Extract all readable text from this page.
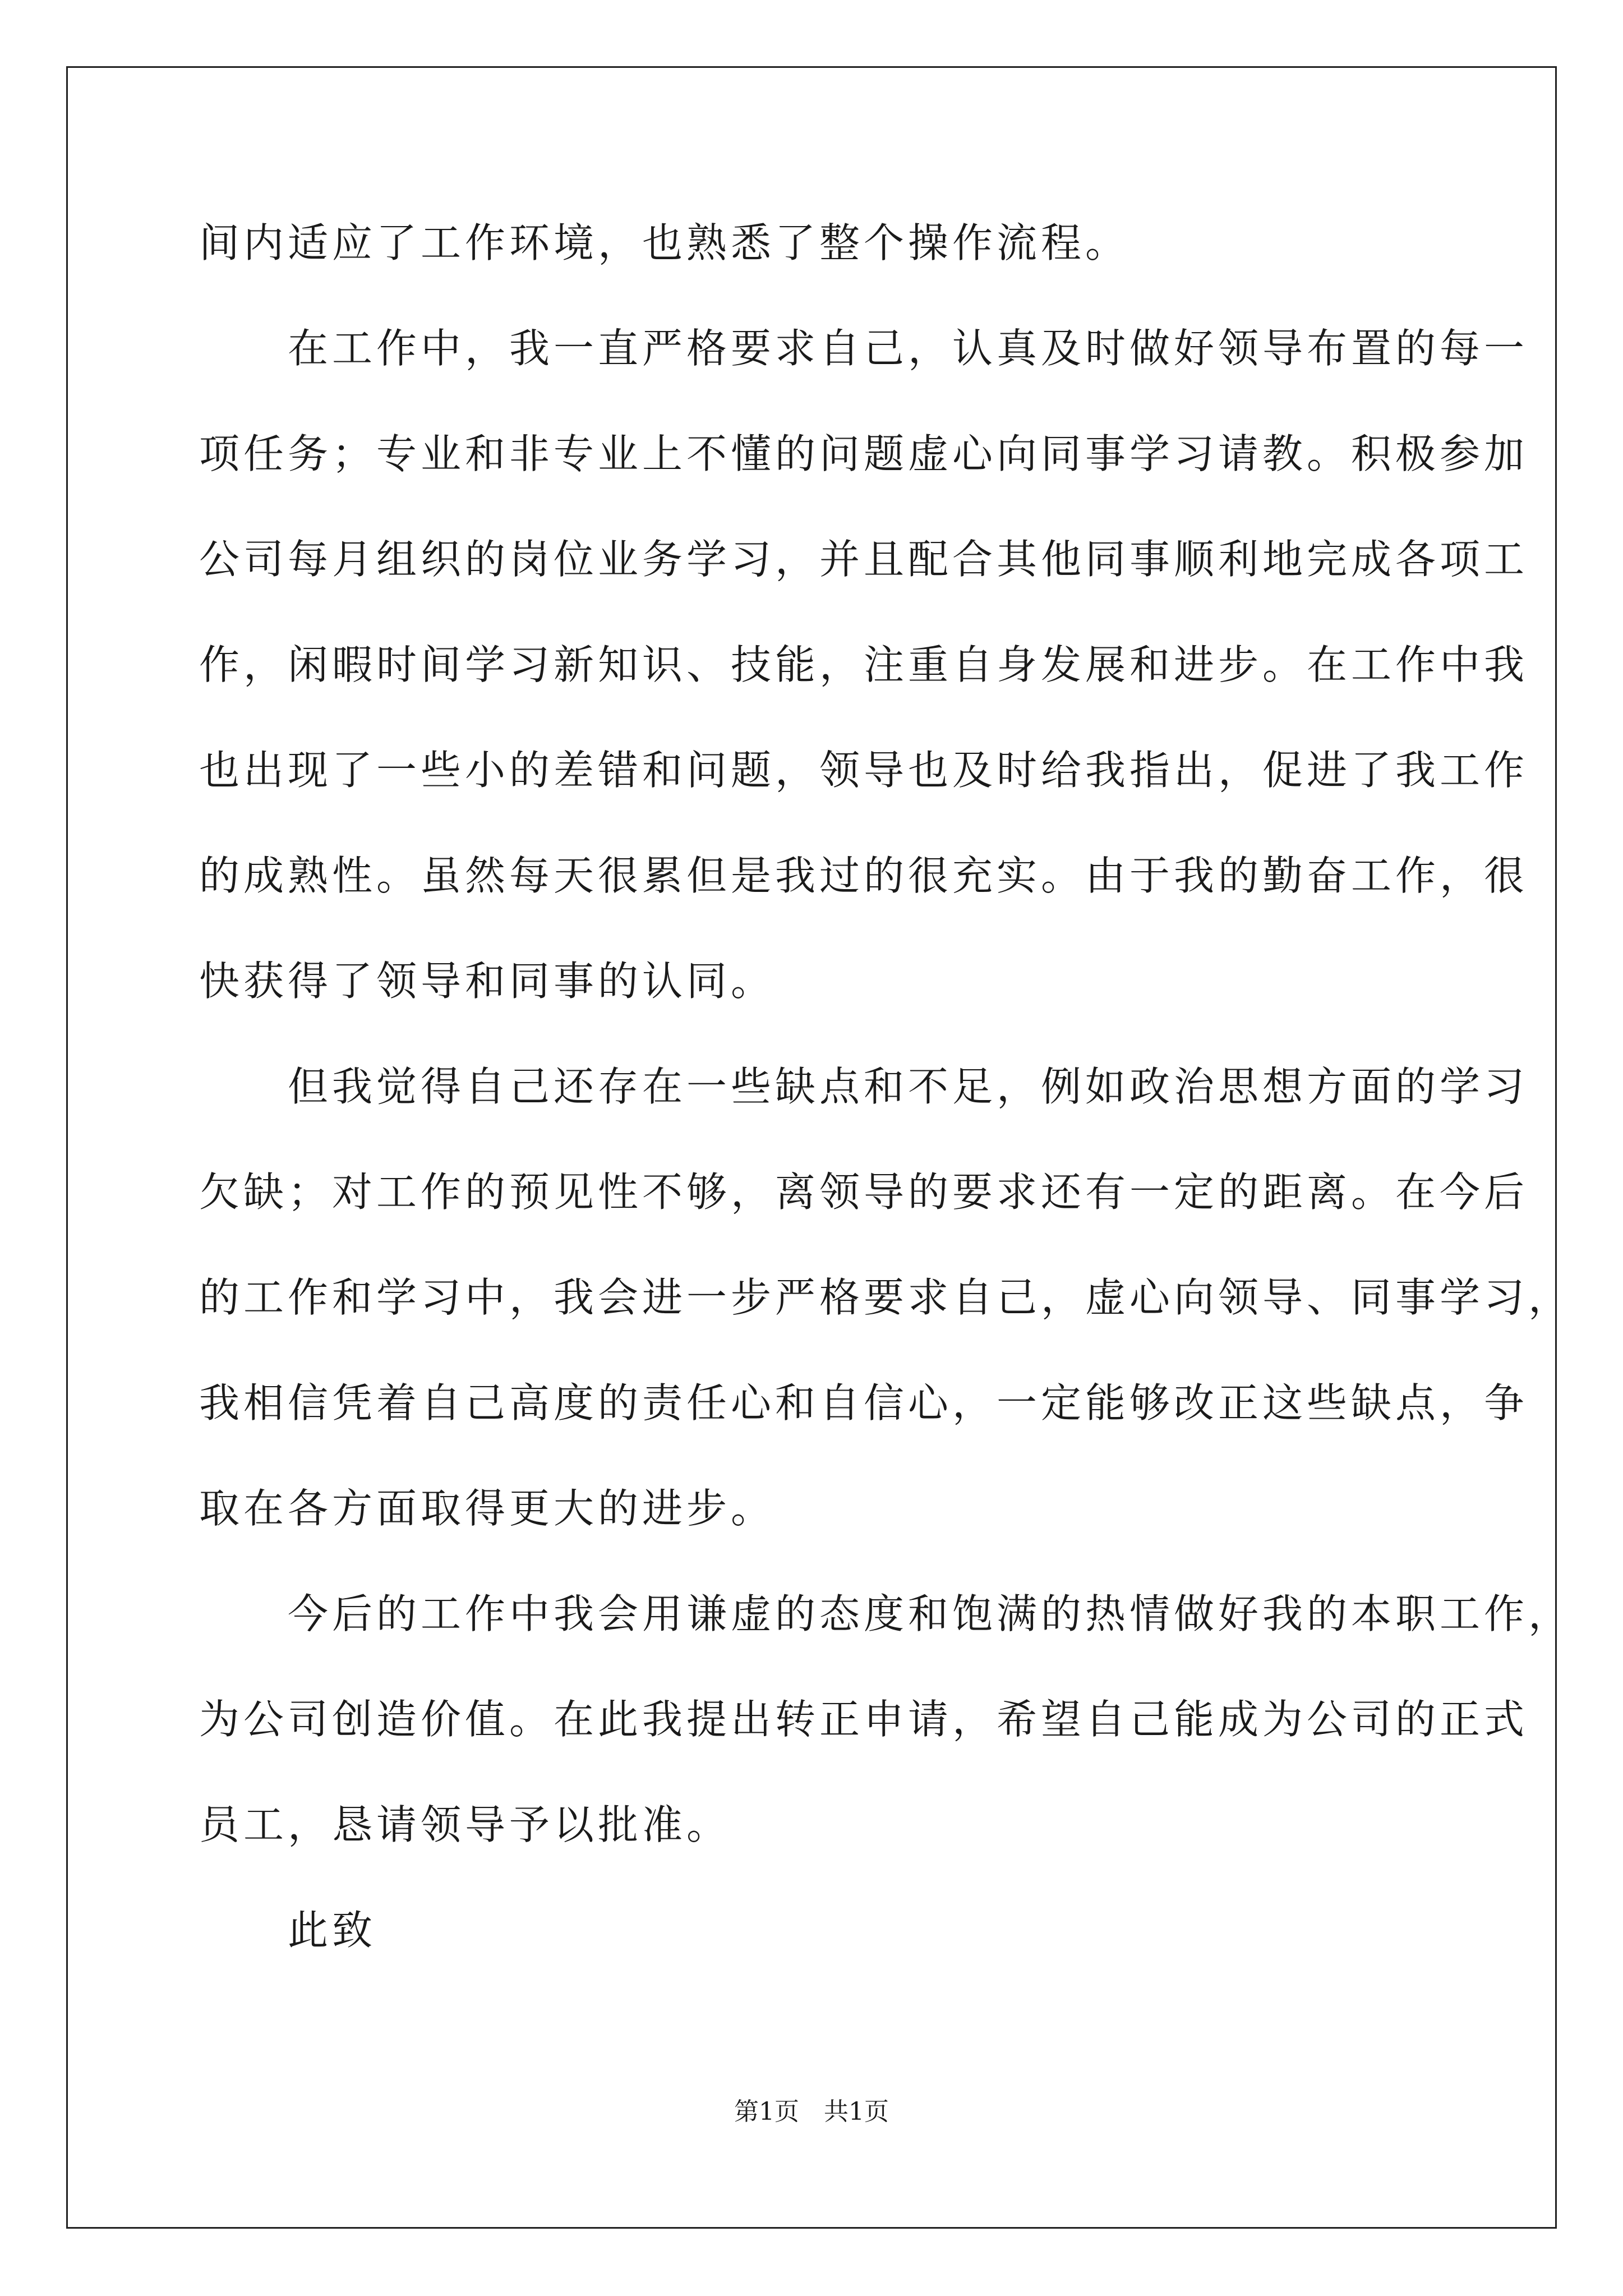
间内适应了工作环境，也熟悉了整个操作流程。
　　在工作中，我一直严格要求自己，认真及时做好领导布置的每一
项任务；专业和非专业上不懂的问题虚心向同事学习请教。积极参加
公司每月组织的岗位业务学习，并且配合其他同事顺利地完成各项工
作，闲暇时间学习新知识、技能，注重自身发展和进步。在工作中我
也出现了一些小的差错和问题，领导也及时给我指出，促进了我工作
的成熟性。虽然每天很累但是我过的很充实。由于我的勤奋工作，很
快获得了领导和同事的认同。
　　但我觉得自己还存在一些缺点和不足，例如政治思想方面的学习
欠缺；对工作的预见性不够，离领导的要求还有一定的距离。在今后
的工作和学习中，我会进一步严格要求自己，虚心向领导、同事学习，
我相信凭着自己高度的责任心和自信心，一定能够改正这些缺点，争
取在各方面取得更大的进步。
　　今后的工作中我会用谦虚的态度和饱满的热情做好我的本职工作，
为公司创造价值。在此我提出转正申请，希望自己能成为公司的正式
员工，恳请领导予以批准。
　　此致
第1页　共1页
